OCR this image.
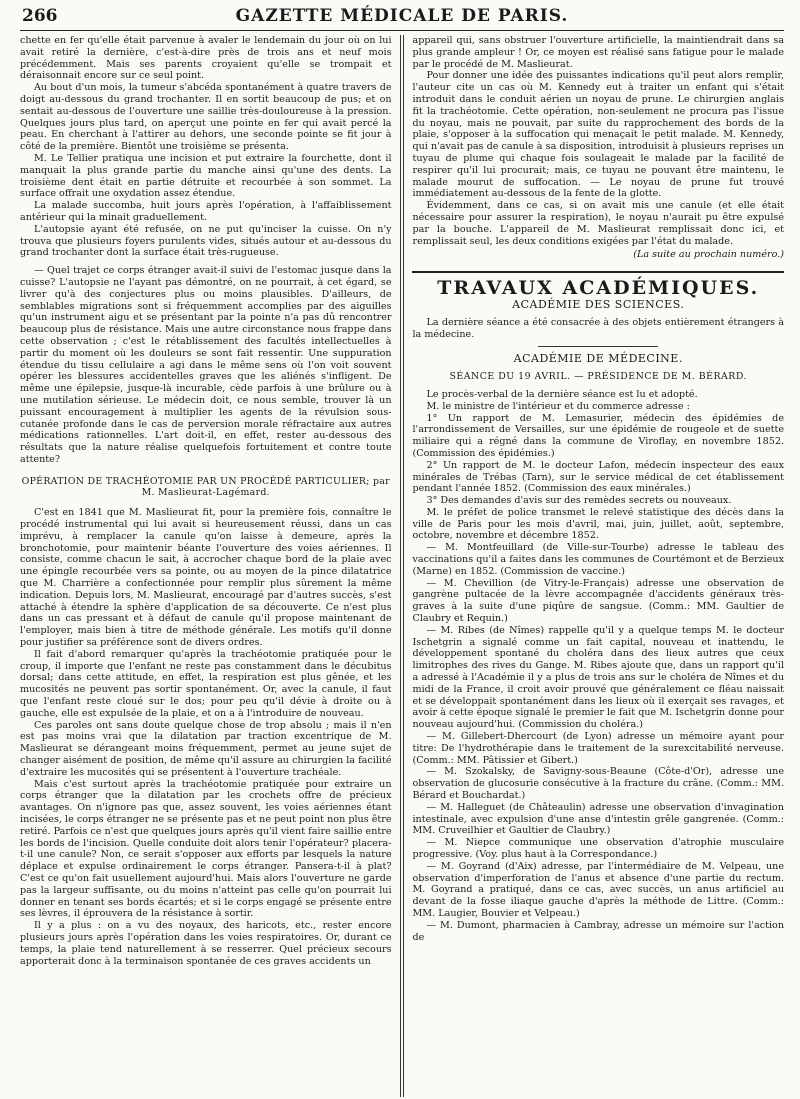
266	GAZETTE MÉDICALE DE PARIS.

chette en fer qu'elle était parvenue à avaler le lendemain du jour où on lui avait retiré la dernière, c'est-à-dire près de trois ans et neuf mois précédemment. Mais ses parents croyaient qu'elle se trompait et déraisonnait encore sur ce seul point.

Au bout d'un mois, la tumeur s'abcéda spontanément à quatre travers de doigt au-dessous du grand trochanter. Il en sortit beaucoup de pus; et on sentait au-dessous de l'ouverture une saillie très-douloureuse à la pression. Quelques jours plus tard, on aperçut une pointe en fer qui avait percé la peau. En cherchant à l'attirer au dehors, une seconde pointe se fit jour à côté de la première. Bientôt une troisième se présenta.

M. Le Tellier pratiqua une incision et put extraire la fourchette, dont il manquait la plus grande partie du manche ainsi qu'une des dents. La troisième dent était en partie détruite et recourbée à son sommet. La surface offrait une oxydation assez étendue.

La malade succomba, huit jours après l'opération, à l'affaiblissement antérieur qui la minait graduellement.

L'autopsie ayant été refusée, on ne put qu'inciser la cuisse. On n'y trouva que plusieurs foyers purulents vides, situés autour et au-dessous du grand trochanter dont la surface était très-rugueuse.

— Quel trajet ce corps étranger avait-il suivi de l'estomac jusque dans la cuisse? L'autopsie ne l'ayant pas démontré, on ne pourrait, à cet égard, se livrer qu'à des conjectures plus ou moins plausibles. D'ailleurs, de semblables migrations sont si fréquemment accomplies par des aiguilles qu'un instrument aigu et se présentant par la pointe n'a pas dû rencontrer beaucoup plus de résistance. Mais une autre circonstance nous frappe dans cette observation ; c'est le rétablissement des facultés intellectuelles à partir du moment où les douleurs se sont fait ressentir. Une suppuration étendue du tissu cellulaire a agi dans le même sens où l'on voit souvent opérer les blessures accidentelles graves que les aliénés s'infligent. De même une épilepsie, jusque-là incurable, cède parfois à une brûlure ou à une mutilation sérieuse. Le médecin doit, ce nous semble, trouver là un puissant encouragement à multiplier les agents de la révulsion sous-cutanée profonde dans le cas de perversion morale réfractaire aux autres médications rationnelles. L'art doit-il, en effet, rester au-dessous des résultats que la nature réalise quelquefois fortuitement et contre toute attente?

OPÉRATION DE TRACHÉOTOMIE PAR UN PROCÉDÉ PARTICULIER; par M. Maslieurat-Lagémard.

C'est en 1841 que M. Maslieurat fit, pour la première fois, connaître le procédé instrumental qui lui avait si heureusement réussi, dans un cas imprévu, à remplacer la canule qu'on laisse à demeure, après la bronchotomie, pour maintenir béante l'ouverture des voies aériennes. Il consiste, comme chacun le sait, à accrocher chaque bord de la plaie avec une épingle recourbée vers sa pointe, ou au moyen de la pince dilatatrice que M. Charrière a confectionnée pour remplir plus sûrement la même indication. Depuis lors, M. Maslieurat, encouragé par d'autres succès, s'est attaché à étendre la sphère d'application de sa découverte. Ce n'est plus dans un cas pressant et à défaut de canule qu'il propose maintenant de l'employer, mais bien à titre de méthode générale. Les motifs qu'il donne pour justifier sa préférence sont de divers ordres.

Il fait d'abord remarquer qu'après la trachéotomie pratiquée pour le croup, il importe que l'enfant ne reste pas constamment dans le décubitus dorsal; dans cette attitude, en effet, la respiration est plus gênée, et les mucosités ne peuvent pas sortir spontanément. Or, avec la canule, il faut que l'enfant reste cloué sur le dos; pour peu qu'il dévie à droite ou à gauche, elle est expulsée de la plaie, et on a à l'introduire de nouveau.

Ces paroles ont sans doute quelque chose de trop absolu ; mais il n'en est pas moins vrai que la dilatation par traction excentrique de M. Maslieurat se dérangeant moins fréquemment, permet au jeune sujet de changer aisément de position, de même qu'il assure au chirurgien la facilité d'extraire les mucosités qui se présentent à l'ouverture trachéale.

Mais c'est surtout après la trachéotomie pratiquée pour extraire un corps étranger que la dilatation par les crochets offre de précieux avantages. On n'ignore pas que, assez souvent, les voies aériennes étant incisées, le corps étranger ne se présente pas et ne peut point non plus être retiré. Parfois ce n'est que quelques jours après qu'il vient faire saillie entre les bords de l'incision. Quelle conduite doit alors tenir l'opérateur? placera-t-il une canule? Non, ce serait s'opposer aux efforts par lesquels la nature déplace et expulse ordinairement le corps étranger. Pansera-t-il à plat? C'est ce qu'on fait usuellement aujourd'hui. Mais alors l'ouverture ne garde pas la largeur suffisante, ou du moins n'atteint pas celle qu'on pourrait lui donner en tenant ses bords écartés; et si le corps engagé se présente entre ses lèvres, il éprouvera de la résistance à sortir.

Il y a plus : on a vu des noyaux, des haricots, etc., rester encore plusieurs jours après l'opération dans les voies respiratoires. Or, durant ce temps, la plaie tend naturellement à se resserrer. Quel précieux secours apporterait donc à la terminaison spontanée de ces graves accidents un

appareil qui, sans obstruer l'ouverture artificielle, la maintiendrait dans sa plus grande ampleur ! Or, ce moyen est réalisé sans fatigue pour le malade par le procédé de M. Maslieurat.

Pour donner une idée des puissantes indications qu'il peut alors remplir, l'auteur cite un cas où M. Kennedy eut à traiter un enfant qui s'était introduit dans le conduit aérien un noyau de prune. Le chirurgien anglais fit la trachéotomie. Cette opération, non-seulement ne procura pas l'issue du noyau, mais ne pouvait, par suite du rapprochement des bords de la plaie, s'opposer à la suffocation qui menaçait le petit malade. M. Kennedy, qui n'avait pas de canule à sa disposition, introduisit à plusieurs reprises un tuyau de plume qui chaque fois soulageait le malade par la facilité de respirer qu'il lui procurait; mais, ce tuyau ne pouvant être maintenu, le malade mourut de suffocation. — Le noyau de prune fut trouvé immédiatement au-dessous de la fente de la glotte.

Évidemment, dans ce cas, si on avait mis une canule (et elle était nécessaire pour assurer la respiration), le noyau n'aurait pu être expulsé par la bouche. L'appareil de M. Maslieurat remplissait donc ici, et remplissait seul, les deux conditions exigées par l'état du malade.

(La suite au prochain numéro.)
TRAVAUX ACADÉMIQUES.
ACADÉMIE DES SCIENCES.

La dernière séance a été consacrée à des objets entièrement étrangers à la médecine.

ACADÉMIE DE MÉDECINE.
SÉANCE DU 19 AVRIL. — PRÉSIDENCE DE M. BÉRARD.

Le procès-verbal de la dernière séance est lu et adopté.

M. le ministre de l'intérieur et du commerce adresse :

1° Un rapport de M. Lemasurier, médecin des épidémies de l'arrondissement de Versailles, sur une épidémie de rougeole et de suette miliaire qui a régné dans la commune de Viroflay, en novembre 1852. (Commission des épidémies.)

2° Un rapport de M. le docteur Lafon, médecin inspecteur des eaux minérales de Trébas (Tarn), sur le service médical de cet établissement pendant l'année 1852. (Commission des eaux minérales.)

3° Des demandes d'avis sur des remèdes secrets ou nouveaux.

M. le préfet de police transmet le relevé statistique des décès dans la ville de Paris pour les mois d'avril, mai, juin, juillet, août, septembre, octobre, novembre et décembre 1852.

— M. Montfeuillard (de Ville-sur-Tourbe) adresse le tableau des vaccinations qu'il a faites dans les communes de Courtémont et de Berzieux (Marne) en 1852. (Commission de vaccine.)

— M. Chevillion (de Vitry-le-Français) adresse une observation de gangrène pultacée de la lèvre accompagnée d'accidents généraux très-graves à la suite d'une piqûre de sangsue. (Comm.: MM. Gaultier de Claubry et Requin.)

— M. Ribes (de Nîmes) rappelle qu'il y a quelque temps M. le docteur Ischetgrin a signalé comme un fait capital, nouveau et inattendu, le développement spontané du choléra dans des lieux autres que ceux limitrophes des rives du Gange. M. Ribes ajoute que, dans un rapport qu'il a adressé à l'Académie il y a plus de trois ans sur le choléra de Nîmes et du midi de la France, il croit avoir prouvé que généralement ce fléau naissait et se développait spontanément dans les lieux où il exerçait ses ravages, et avoir à cette époque signalé le premier le fait que M. Ischetgrin donne pour nouveau aujourd'hui. (Commission du choléra.)

— M. Gillebert-Dhercourt (de Lyon) adresse un mémoire ayant pour titre: De l'hydrothérapie dans le traitement de la surexcitabilité nerveuse. (Comm.: MM. Pâtissier et Gibert.)

— M. Szokalsky, de Savigny-sous-Beaune (Côte-d'Or), adresse une observation de glucosurie consécutive à la fracture du crâne. (Comm.: MM. Bérard et Bouchardat.)

— M. Halleguet (de Châteaulin) adresse une observation d'invagination intestinale, avec expulsion d'une anse d'intestin grêle gangrenée. (Comm.: MM. Cruveilhier et Gaultier de Claubry.)

— M. Niepce communique une observation d'atrophie musculaire progressive. (Voy. plus haut à la Correspondance.)

— M. Goyrand (d'Aix) adresse, par l'intermédiaire de M. Velpeau, une observation d'imperforation de l'anus et absence d'une partie du rectum. M. Goyrand a pratiqué, dans ce cas, avec succès, un anus artificiel au devant de la fosse iliaque gauche d'après la méthode de Littre. (Comm.: MM. Laugier, Bouvier et Velpeau.)

— M. Dumont, pharmacien à Cambray, adresse un mémoire sur l'action de
